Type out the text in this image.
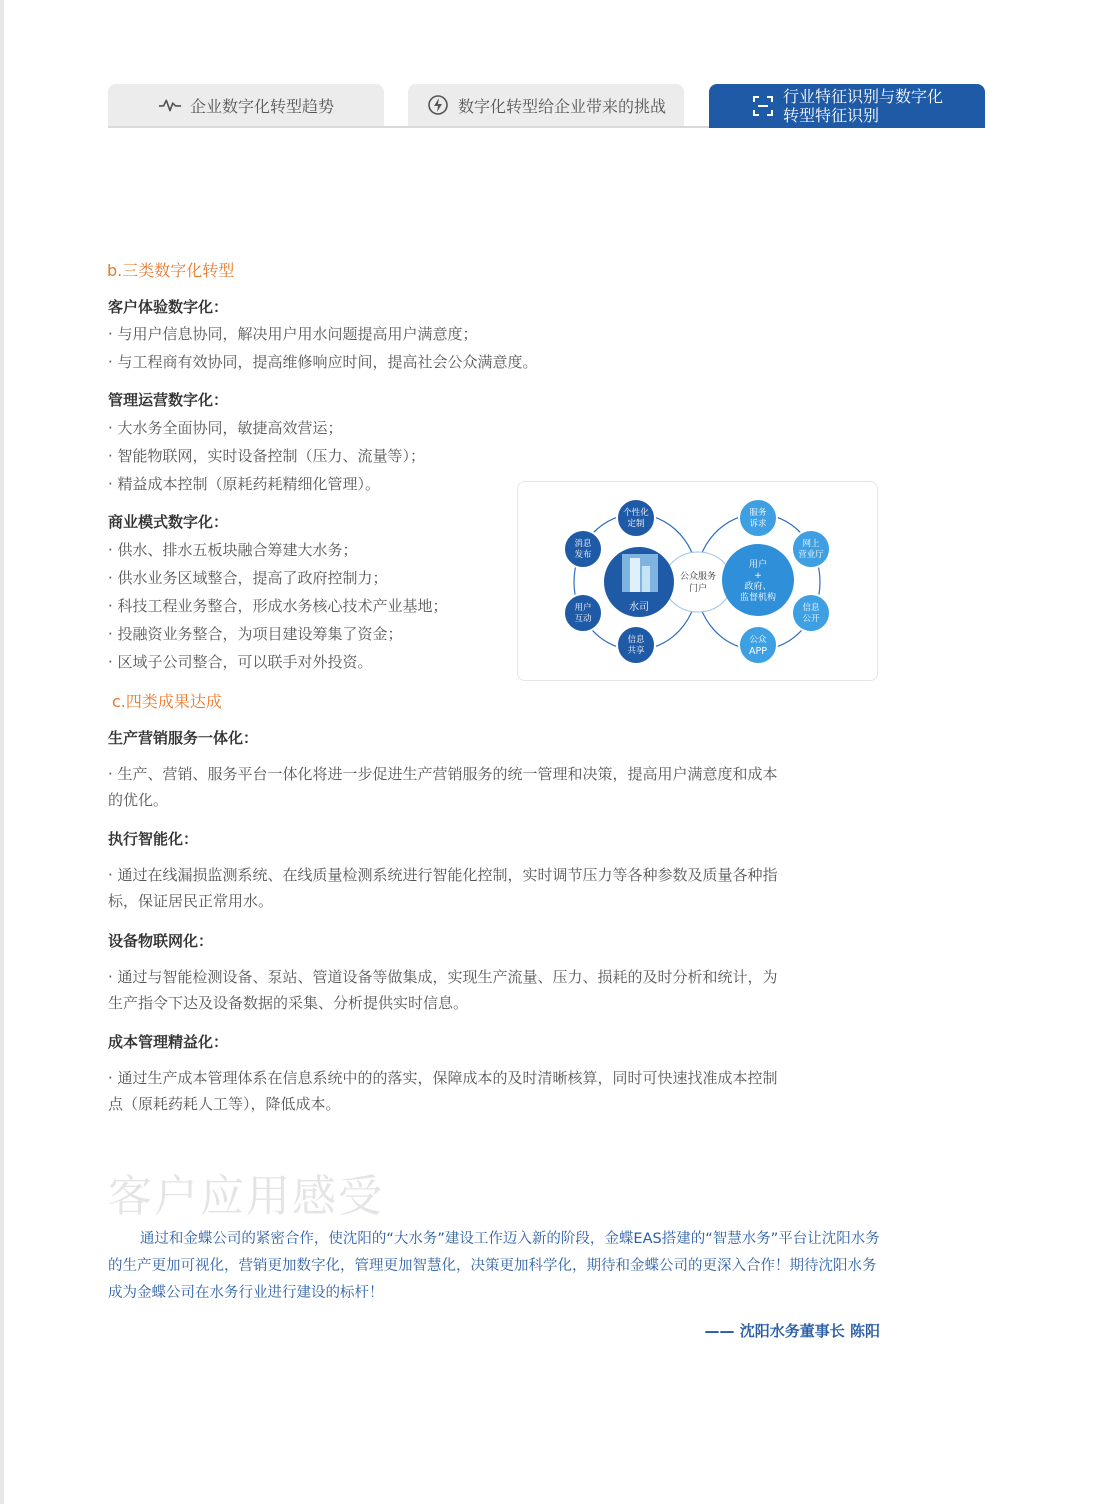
企业数字化转型趋势	数字化转型给企业带来的挑战	行业特征识别与数字化
转型特征识别
b.三类数字化转型
客户体验数字化：
· 与用户信息协同，解决用户用水问题提高用户满意度；
· 与工程商有效协同，提高维修响应时间，提高社会公众满意度。
管理运营数字化：
· 大水务全面协同，敏捷高效营运；
· 智能物联网，实时设备控制（压力、流量等）；
· 精益成本控制（原耗药耗精细化管理）。
商业模式数字化：
· 供水、排水五板块融合筹建大水务；
· 供水业务区域整合，提高了政府控制力；
· 科技工程业务整合，形成水务核心技术产业基地；
· 投融资业务整合，为项目建设筹集了资金；
· 区域子公司整合，可以联手对外投资。
水司
公众服务
门户
用户
+
政府、
监督机构
个性化
定制
消息
发布
用户
互动
信息
共享
服务
诉求
网上
营业厅
信息
公开
公众
APP
c.四类成果达成
生产营销服务一体化：
· 生产、营销、服务平台一体化将进一步促进生产营销服务的统一管理和决策，提高用户满意度和成本
的优化。
执行智能化：
· 通过在线漏损监测系统、在线质量检测系统进行智能化控制，实时调节压力等各种参数及质量各种指
标，保证居民正常用水。
设备物联网化：
· 通过与智能检测设备、泵站、管道设备等做集成，实现生产流量、压力、损耗的及时分析和统计，为
生产指令下达及设备数据的采集、分析提供实时信息。
成本管理精益化：
· 通过生产成本管理体系在信息系统中的的落实，保障成本的及时清晰核算，同时可快速找准成本控制
点（原耗药耗人工等），降低成本。
客户应用感受
通过和金蝶公司的紧密合作，使沈阳的“大水务”建设工作迈入新的阶段，金蝶EAS搭建的“智慧水务”平台让沈阳水务的生产更加可视化，营销更加数字化，管理更加智慧化，决策更加科学化，期待和金蝶公司的更深入合作！期待沈阳水务成为金蝶公司在水务行业进行建设的标杆！
—— 沈阳水务董事长 陈阳
